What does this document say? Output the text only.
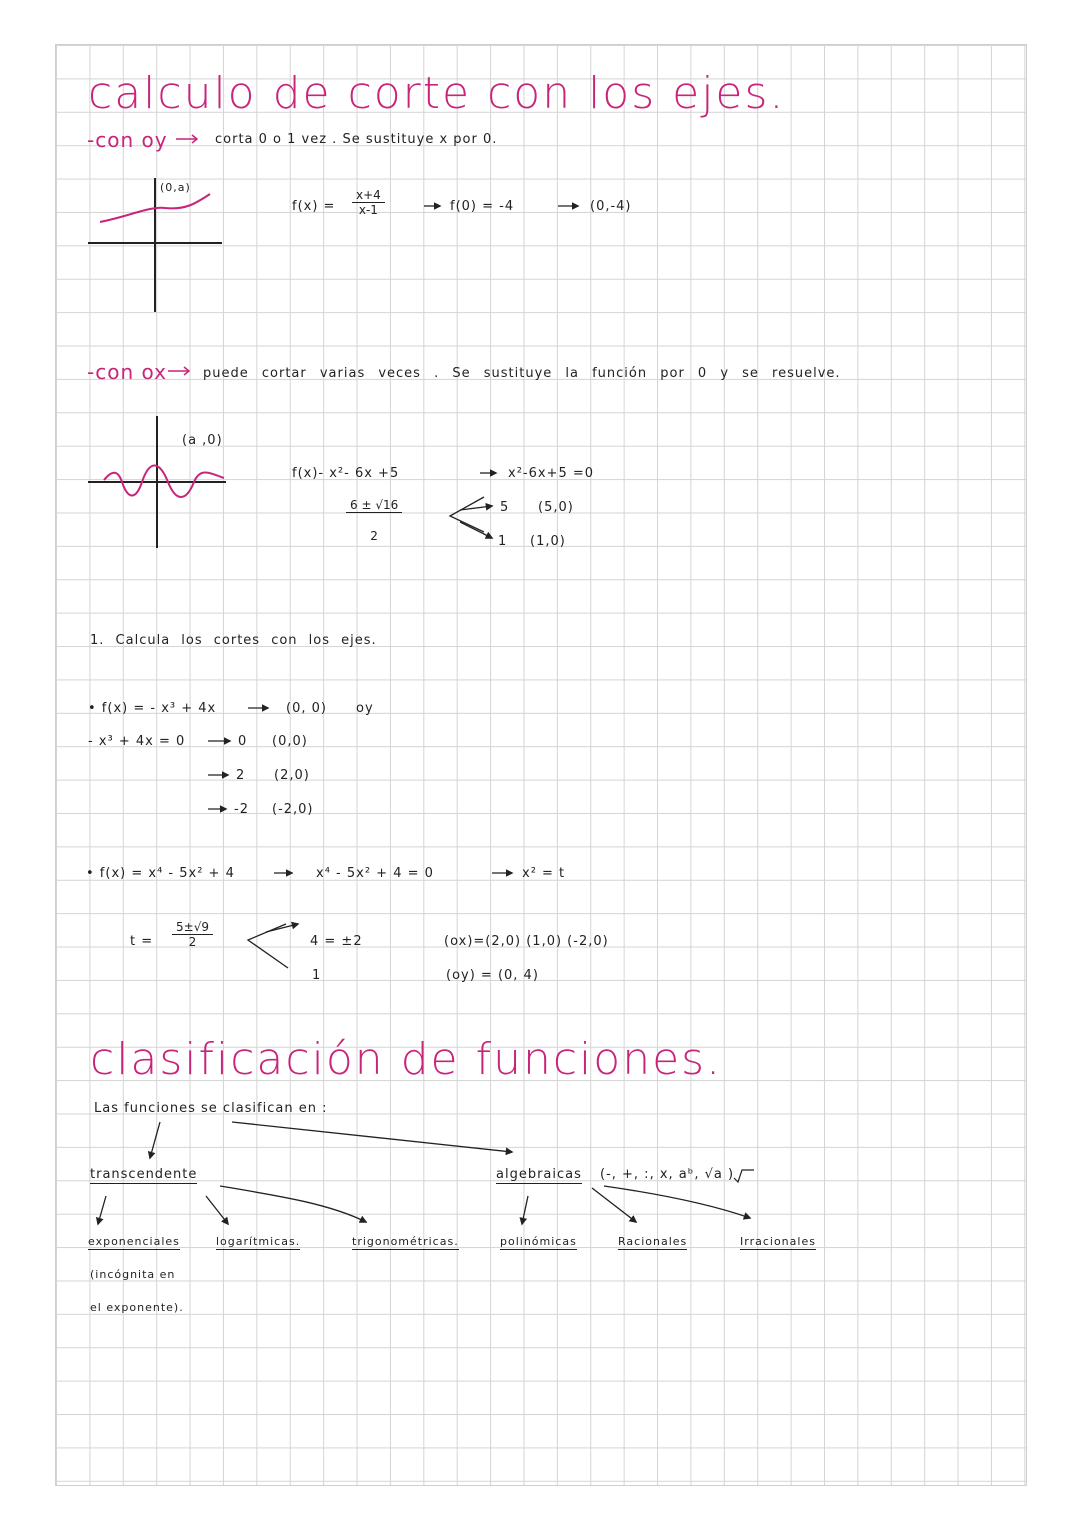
calculo de corte con los ejes.
-con oy	corta 0 o 1 vez . Se sustituye x por 0.
(0,a)
$f(x) = \frac{x+4}{x-1}$	f(0) = -4	(0,-4)
-con ox	puede cortar varias veces . Se sustituye la función por 0 y se resuelve.
(a ,0)
f(x)- x²- 6x +5	x²-6x+5 =0
$\frac{6 \pm √16}{2}$	5 (5,0)
1 (1,0)
1. Calcula los cortes con los ejes.
• f(x) = - x³ + 4x	(0, 0) oy
- x³ + 4x = 0	0 (0,0)
2 (2,0)
-2 (-2,0)
• f(x) = x⁴ - 5x² + 4	x⁴ - 5x² + 4 = 0	x² = t
$t = \frac{5\pm√9}{2}$	4 = ±2
1
(ox)=(2,0) (1,0) (-2,0)
(oy) = (0, 4)
clasificación de funciones.
Las funciones se clasifican en :
transcendente	algebraicas (-, +, :, x, aᵇ, √a )
exponenciales
(incógnita en
el exponente).
logarítmicas.	trigonométricas.	polinómicas	Racionales	Irracionales
